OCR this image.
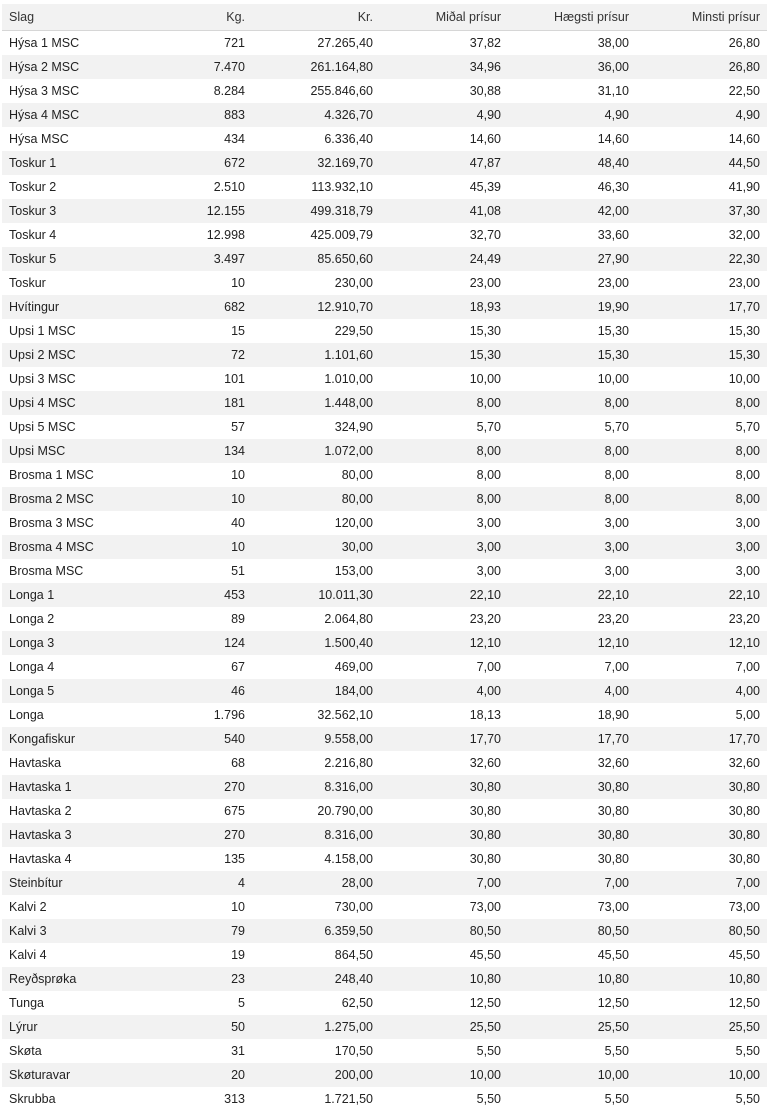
Slag	Kg.	Kr.	Miðal prísur	Hægsti prísur	Minsti prísur
Hýsa 1 MSC	721	27.265,40	37,82	38,00	26,80
Hýsa 2 MSC	7.470	261.164,80	34,96	36,00	26,80
Hýsa 3 MSC	8.284	255.846,60	30,88	31,10	22,50
Hýsa 4 MSC	883	4.326,70	4,90	4,90	4,90
Hýsa MSC	434	6.336,40	14,60	14,60	14,60
Toskur 1	672	32.169,70	47,87	48,40	44,50
Toskur 2	2.510	113.932,10	45,39	46,30	41,90
Toskur 3	12.155	499.318,79	41,08	42,00	37,30
Toskur 4	12.998	425.009,79	32,70	33,60	32,00
Toskur 5	3.497	85.650,60	24,49	27,90	22,30
Toskur	10	230,00	23,00	23,00	23,00
Hvítingur	682	12.910,70	18,93	19,90	17,70
Upsi 1 MSC	15	229,50	15,30	15,30	15,30
Upsi 2 MSC	72	1.101,60	15,30	15,30	15,30
Upsi 3 MSC	101	1.010,00	10,00	10,00	10,00
Upsi 4 MSC	181	1.448,00	8,00	8,00	8,00
Upsi 5 MSC	57	324,90	5,70	5,70	5,70
Upsi MSC	134	1.072,00	8,00	8,00	8,00
Brosma 1 MSC	10	80,00	8,00	8,00	8,00
Brosma 2 MSC	10	80,00	8,00	8,00	8,00
Brosma 3 MSC	40	120,00	3,00	3,00	3,00
Brosma 4 MSC	10	30,00	3,00	3,00	3,00
Brosma MSC	51	153,00	3,00	3,00	3,00
Longa 1	453	10.011,30	22,10	22,10	22,10
Longa 2	89	2.064,80	23,20	23,20	23,20
Longa 3	124	1.500,40	12,10	12,10	12,10
Longa 4	67	469,00	7,00	7,00	7,00
Longa 5	46	184,00	4,00	4,00	4,00
Longa	1.796	32.562,10	18,13	18,90	5,00
Kongafiskur	540	9.558,00	17,70	17,70	17,70
Havtaska	68	2.216,80	32,60	32,60	32,60
Havtaska 1	270	8.316,00	30,80	30,80	30,80
Havtaska 2	675	20.790,00	30,80	30,80	30,80
Havtaska 3	270	8.316,00	30,80	30,80	30,80
Havtaska 4	135	4.158,00	30,80	30,80	30,80
Steinbítur	4	28,00	7,00	7,00	7,00
Kalvi 2	10	730,00	73,00	73,00	73,00
Kalvi 3	79	6.359,50	80,50	80,50	80,50
Kalvi 4	19	864,50	45,50	45,50	45,50
Reyðsprøka	23	248,40	10,80	10,80	10,80
Tunga	5	62,50	12,50	12,50	12,50
Lýrur	50	1.275,00	25,50	25,50	25,50
Skøta	31	170,50	5,50	5,50	5,50
Skøturavar	20	200,00	10,00	10,00	10,00
Skrubba	313	1.721,50	5,50	5,50	5,50
